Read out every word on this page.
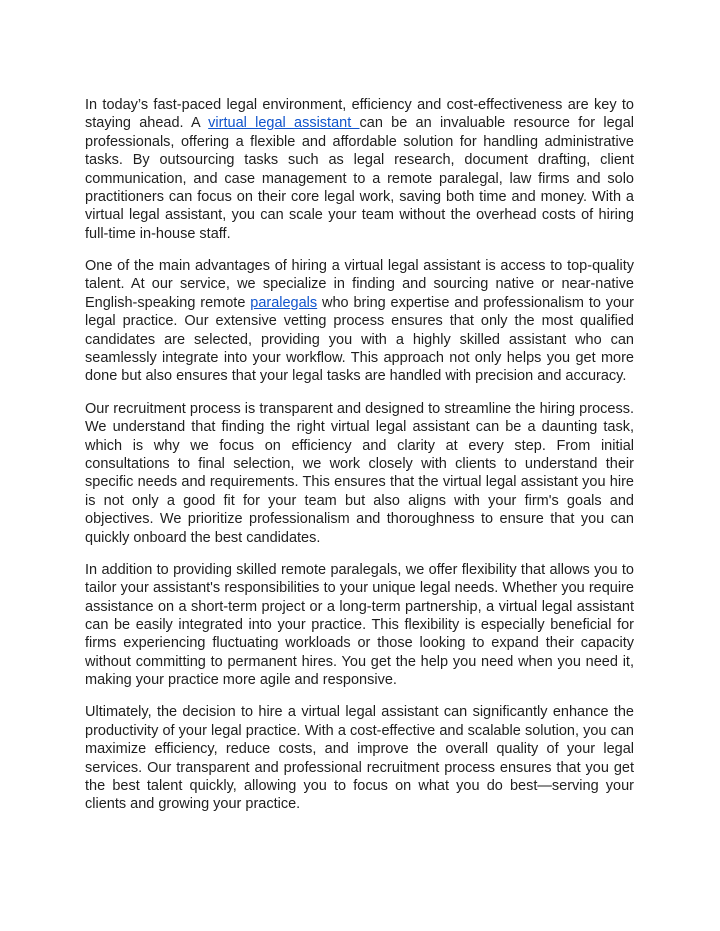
In today’s fast-paced legal environment, efficiency and cost-effectiveness are key to staying ahead. A virtual legal assistant can be an invaluable resource for legal professionals, offering a flexible and affordable solution for handling administrative tasks. By outsourcing tasks such as legal research, document drafting, client communication, and case management to a remote paralegal, law firms and solo practitioners can focus on their core legal work, saving both time and money. With a virtual legal assistant, you can scale your team without the overhead costs of hiring full-time in-house staff.

One of the main advantages of hiring a virtual legal assistant is access to top-quality talent. At our service, we specialize in finding and sourcing native or near-native English-speaking remote paralegals who bring expertise and professionalism to your legal practice. Our extensive vetting process ensures that only the most qualified candidates are selected, providing you with a highly skilled assistant who can seamlessly integrate into your workflow. This approach not only helps you get more done but also ensures that your legal tasks are handled with precision and accuracy.

Our recruitment process is transparent and designed to streamline the hiring process. We understand that finding the right virtual legal assistant can be a daunting task, which is why we focus on efficiency and clarity at every step. From initial consultations to final selection, we work closely with clients to understand their specific needs and requirements. This ensures that the virtual legal assistant you hire is not only a good fit for your team but also aligns with your firm's goals and objectives. We prioritize professionalism and thoroughness to ensure that you can quickly onboard the best candidates.

In addition to providing skilled remote paralegals, we offer flexibility that allows you to tailor your assistant's responsibilities to your unique legal needs. Whether you require assistance on a short-term project or a long-term partnership, a virtual legal assistant can be easily integrated into your practice. This flexibility is especially beneficial for firms experiencing fluctuating workloads or those looking to expand their capacity without committing to permanent hires. You get the help you need when you need it, making your practice more agile and responsive.

Ultimately, the decision to hire a virtual legal assistant can significantly enhance the productivity of your legal practice. With a cost-effective and scalable solution, you can maximize efficiency, reduce costs, and improve the overall quality of your legal services. Our transparent and professional recruitment process ensures that you get the best talent quickly, allowing you to focus on what you do best—serving your clients and growing your practice.
